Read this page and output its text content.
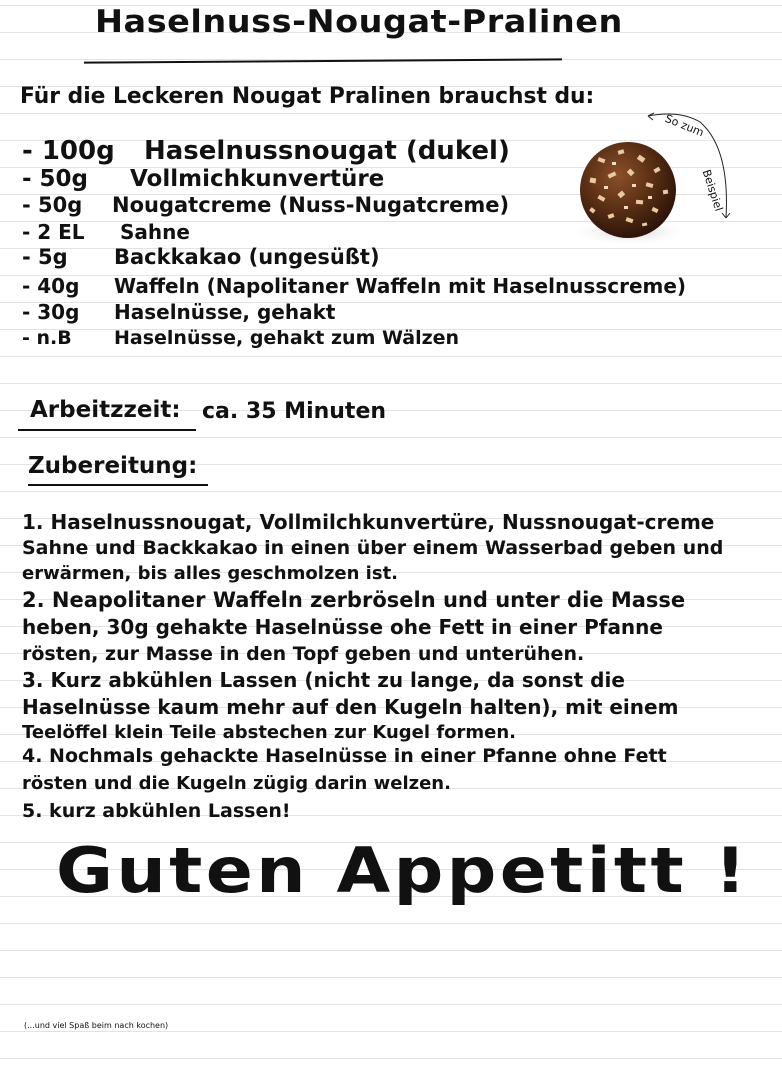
Haselnuss-Nougat-Pralinen
Für die Leckeren Nougat Pralinen brauchst du:
- 100g Haselnussnougat (dukel)
- 50g Vollmichkunvertüre
- 50g Nougatcreme (Nuss-Nugatcreme)
- 2 EL Sahne
- 5g Backkakao (ungesüßt)
- 40g Waffeln (Napolitaner Waffeln mit Haselnusscreme)
- 30g Haselnüsse, gehakt
- n.B Haselnüsse, gehakt zum Wälzen
So zum
Beispiel
Arbeitzzeit: ca. 35 Minuten
Zubereitung:
1. Haselnussnougat, Vollmilchkunvertüre, Nussnougat-creme
Sahne und Backkakao in einen über einem Wasserbad geben und
erwärmen, bis alles geschmolzen ist.
2. Neapolitaner Waffeln zerbröseln und unter die Masse
heben, 30g gehakte Haselnüsse ohe Fett in einer Pfanne
rösten, zur Masse in den Topf geben und unterühen.
3. Kurz abkühlen Lassen (nicht zu lange, da sonst die
Haselnüsse kaum mehr auf den Kugeln halten), mit einem
Teelöffel klein Teile abstechen zur Kugel formen.
4. Nochmals gehackte Haselnüsse in einer Pfanne ohne Fett
rösten und die Kugeln zügig darin welzen.
5. kurz abkühlen Lassen!
Guten Appetitt !
(...und viel Spaß beim nach kochen)
